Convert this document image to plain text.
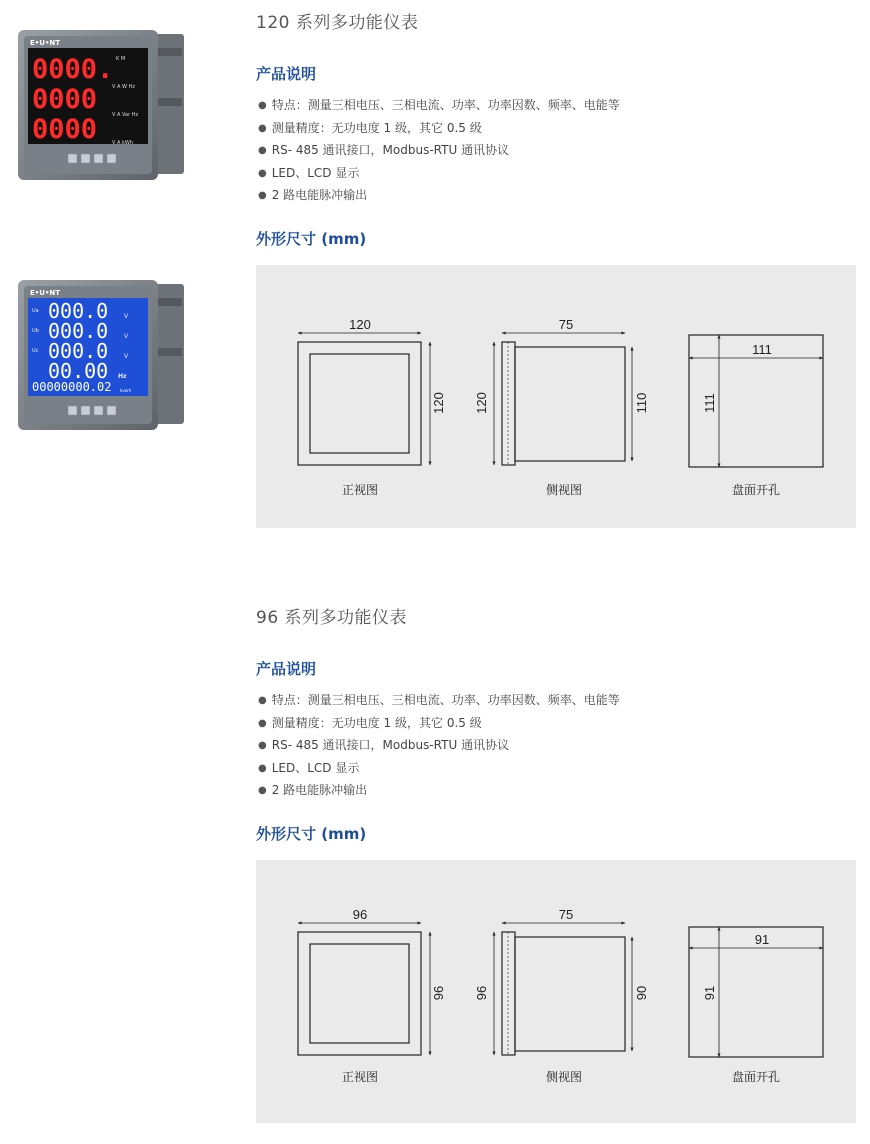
E•U•NT
0000.
0000
0000
K M
V A W Hz
V A Var Hz
V A kWh
E•U•NT
Ua
Ub
Uc
000.0
000.0
000.0
00.00
V
V
V
Hz
00000000.02 kvarh
120 系列多功能仪表
产品说明
● 特点：测量三相电压、三相电流、功率、功率因数、频率、电能等
● 测量精度：无功电度 1 级，其它 0.5 级
● RS- 485 通讯接口，Modbus-RTU 通讯协议
● LED、LCD 显示
● 2 路电能脉冲输出
外形尺寸 (mm)
120
120
75
120	110
111
111
正视图	侧视图	盘面开孔
96 系列多功能仪表
产品说明
● 特点：测量三相电压、三相电流、功率、功率因数、频率、电能等
● 测量精度：无功电度 1 级，其它 0.5 级
● RS- 485 通讯接口，Modbus-RTU 通讯协议
● LED、LCD 显示
● 2 路电能脉冲输出
外形尺寸 (mm)
96
96
75
96	90
91
91
正视图	侧视图	盘面开孔
